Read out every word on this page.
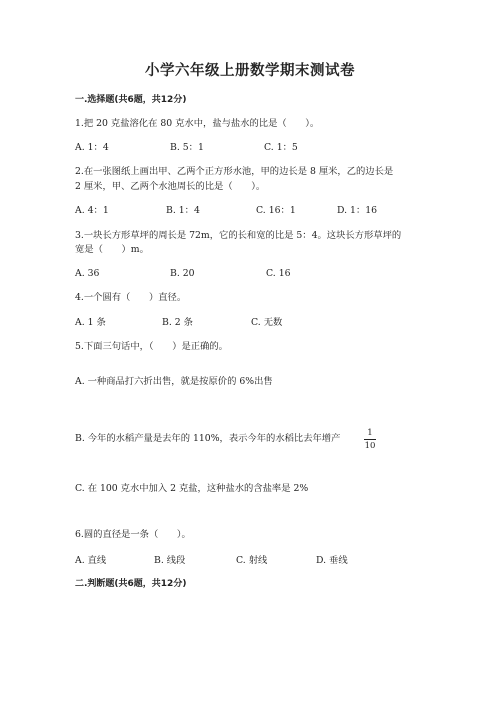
小学六年级上册数学期末测试卷
一.选择题(共6题，共12分)
1.把 20 克盐溶化在 80 克水中，盐与盐水的比是（　　）。
A. 1：4	B. 5：1	C. 1：5
2.在一张图纸上画出甲、乙两个正方形水池，甲的边长是 8 厘米，乙的边长是
2 厘米，甲、乙两个水池周长的比是（　　）。
A. 4：1	B. 1：4	C. 16：1	D. 1：16
3.一块长方形草坪的周长是 72m，它的长和宽的比是 5：4。这块长方形草坪的
宽是（　　）m。
A. 36	B. 20	C. 16
4.一个圆有（　　）直径。
A. 1 条	B. 2 条	C. 无数
5.下面三句话中，（　　）是正确的。
A. 一种商品打六折出售，就是按原价的 6%出售
B. 今年的水稻产量是去年的 110%，表示今年的水稻比去年增产	1
10
C. 在 100 克水中加入 2 克盐，这种盐水的含盐率是 2%
6.圆的直径是一条（　　）。
A. 直线	B. 线段	C. 射线	D. 垂线
二.判断题(共6题，共12分)
